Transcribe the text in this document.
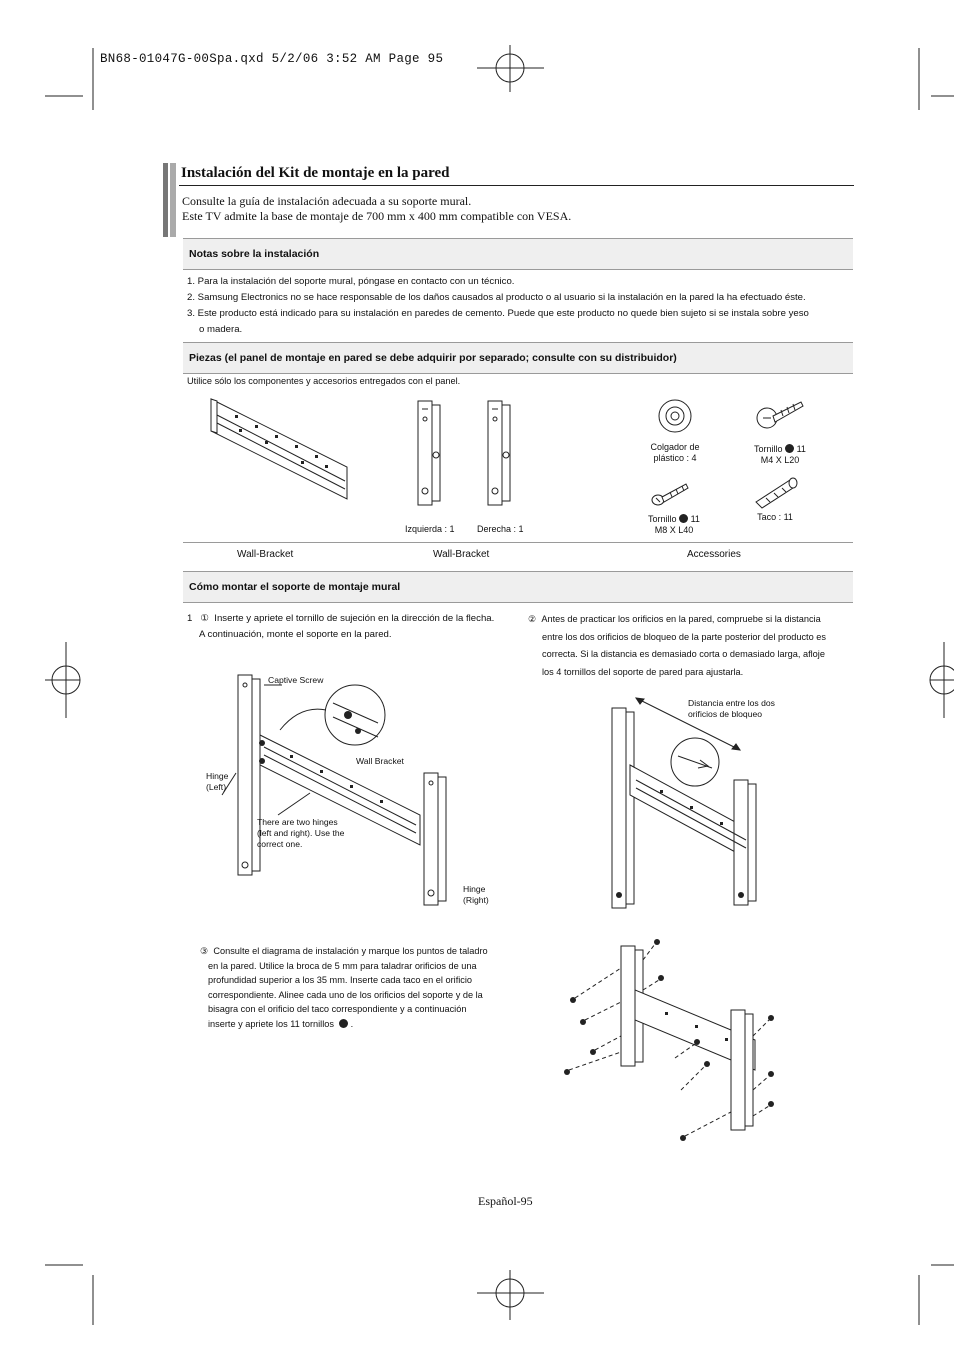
BN68-01047G-00Spa.qxd 5/2/06 3:52 AM Page 95
Instalación del Kit de montaje en la pared
Consulte la guía de instalación adecuada a su soporte mural.
Este TV admite la base de montaje de 700 mm x 400 mm compatible con VESA.
Notas sobre la instalación
1. Para la instalación del soporte mural, póngase en contacto con un técnico.
2. Samsung Electronics no se hace responsable de los daños causados al producto o al usuario si la instalación en la pared la ha efectuado éste.
3. Este producto está indicado para su instalación en paredes de cemento. Puede que este producto no quede bien sujeto si se instala sobre yeso
o madera.
Piezas (el panel de montaje en pared se debe adquirir por separado; consulte con su distribuidor)
Utilice sólo los componentes y accesorios entregados con el panel.
Izquierda : 1 Derecha : 1
Colgador de
plástico : 4
Tornillo 11
M4 X L20
Tornillo 11
M8 X L40
Taco : 11
Wall-Bracket	Wall-Bracket	Accessories
Cómo montar el soporte de montaje mural
1 ① Inserte y apriete el tornillo de sujeción en la dirección de la flecha.
A continuación, monte el soporte en la pared.
② Antes de practicar los orificios en la pared, compruebe si la distancia
entre los dos orificios de bloqueo de la parte posterior del producto es
correcta. Si la distancia es demasiado corta o demasiado larga, afloje
los 4 tornillos del soporte de pared para ajustarla.
Captive Screw
Wall Bracket
Hinge
(Left)
There are two hinges
(left and right). Use the
correct one.
Hinge
(Right)
Distancia entre los dos
orificios de bloqueo
③ Consulte el diagrama de instalación y marque los puntos de taladro
en la pared. Utilice la broca de 5 mm para taladrar orificios de una
profundidad superior a los 35 mm. Inserte cada taco en el orificio
correspondiente. Alinee cada uno de los orificios del soporte y de la
bisagra con el orificio del taco correspondiente y a continuación
inserte y apriete los 11 tornillos .
Español-95
